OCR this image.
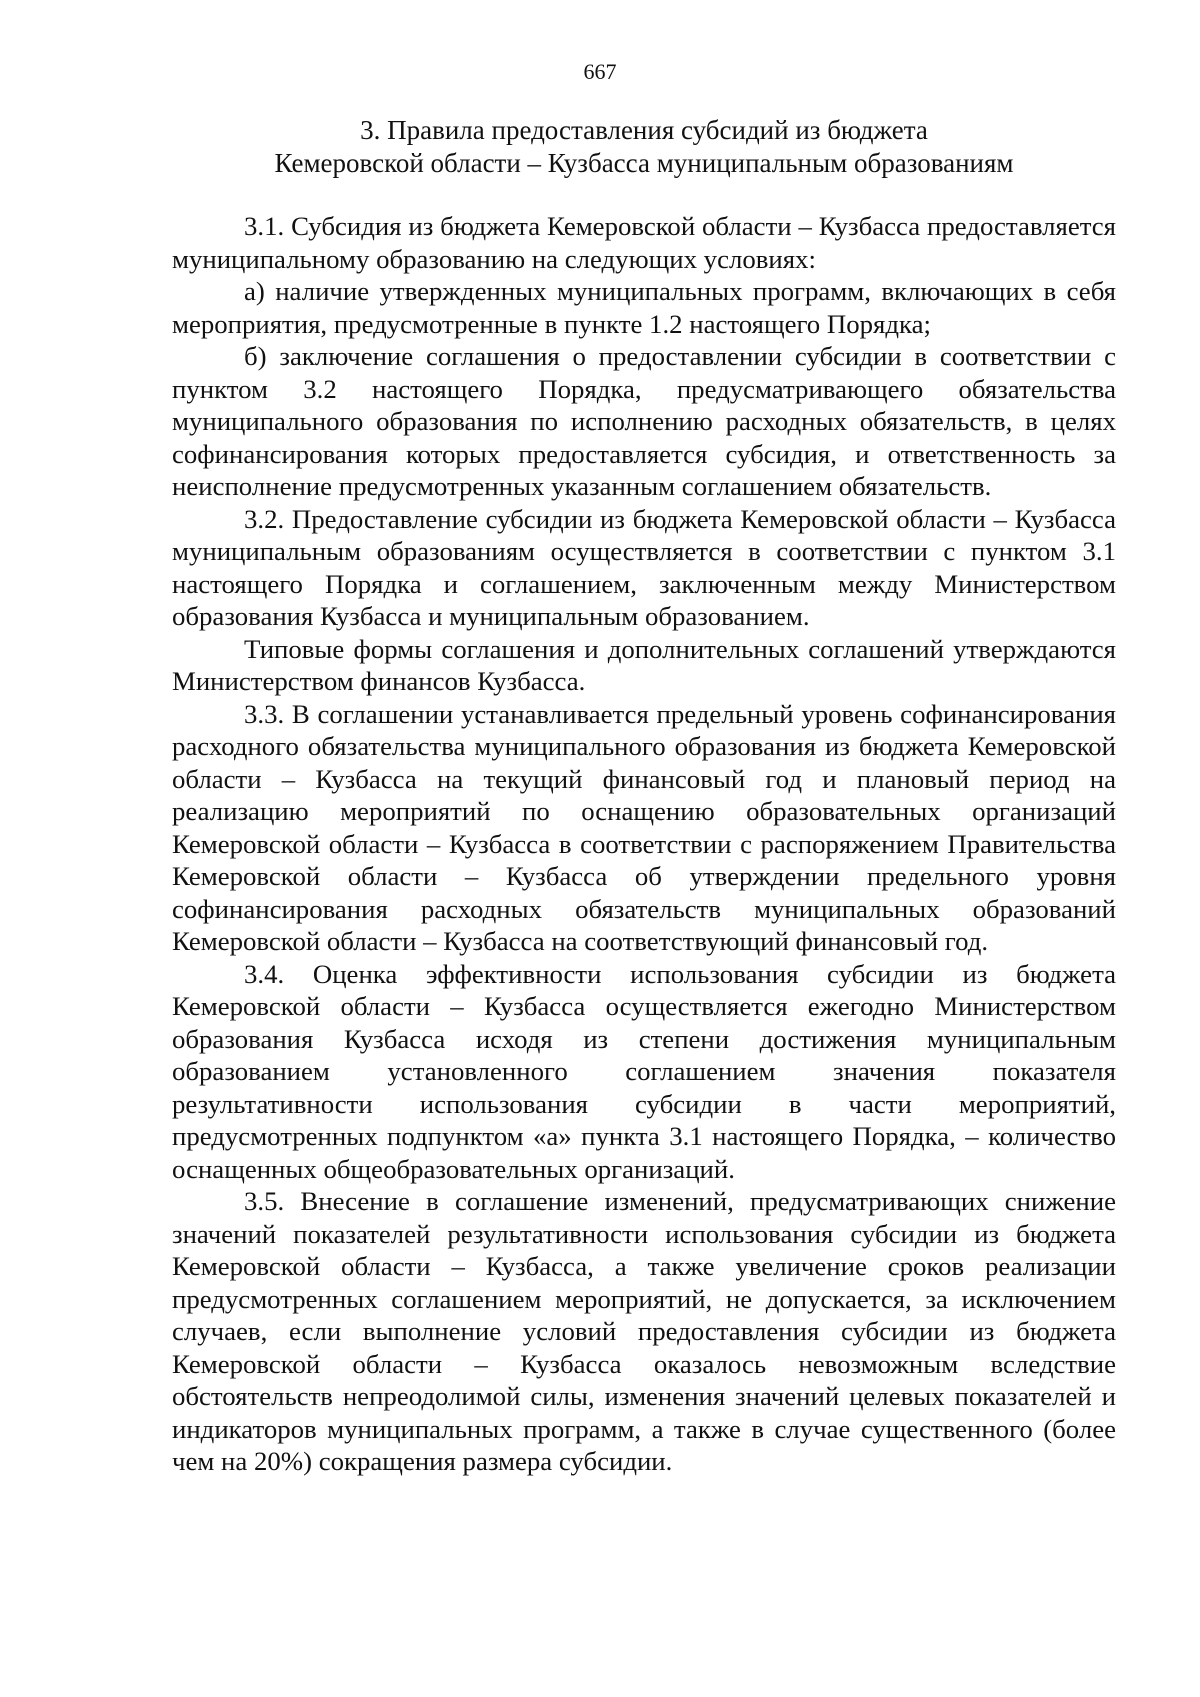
667
3. Правила предоставления субсидий из бюджета
Кемеровской области – Кузбасса муниципальным образованиям

3.1. Субсидия из бюджета Кемеровской области – Кузбасса предоставляется муниципальному образованию на следующих условиях:

а) наличие утвержденных муниципальных программ, включающих в себя мероприятия, предусмотренные в пункте 1.2 настоящего Порядка;

б) заключение соглашения о предоставлении субсидии в соответствии с пунктом 3.2 настоящего Порядка, предусматривающего обязательства муниципального образования по исполнению расходных обязательств, в целях софинансирования которых предоставляется субсидия, и ответственность за неисполнение предусмотренных указанным соглашением обязательств.

3.2. Предоставление субсидии из бюджета Кемеровской области – Кузбасса муниципальным образованиям осуществляется в соответствии с пунктом 3.1 настоящего Порядка и соглашением, заключенным между Министерством образования Кузбасса и муниципальным образованием.

Типовые формы соглашения и дополнительных соглашений утверждаются Министерством финансов Кузбасса.

3.3. В соглашении устанавливается предельный уровень софинансирования расходного обязательства муниципального образования из бюджета Кемеровской области – Кузбасса на текущий финансовый год и плановый период на реализацию мероприятий по оснащению образовательных организаций Кемеровской области – Кузбасса в соответствии с распоряжением Правительства Кемеровской области – Кузбасса об утверждении предельного уровня софинансирования расходных обязательств муниципальных образований Кемеровской области – Кузбасса на соответствующий финансовый год.

3.4. Оценка эффективности использования субсидии из бюджета Кемеровской области – Кузбасса осуществляется ежегодно Министерством образования Кузбасса исходя из степени достижения муниципальным образованием установленного соглашением значения показателя результативности использования субсидии в части мероприятий, предусмотренных подпунктом «а» пункта 3.1 настоящего Порядка, – количество оснащенных общеобразовательных организаций.

3.5. Внесение в соглашение изменений, предусматривающих снижение значений показателей результативности использования субсидии из бюджета Кемеровской области – Кузбасса, а также увеличение сроков реализации предусмотренных соглашением мероприятий, не допускается, за исключением случаев, если выполнение условий предоставления субсидии из бюджета Кемеровской области – Кузбасса оказалось невозможным вследствие обстоятельств непреодолимой силы, изменения значений целевых показателей и индикаторов муниципальных программ, а также в случае существенного (более чем на 20%) сокращения размера субсидии.
